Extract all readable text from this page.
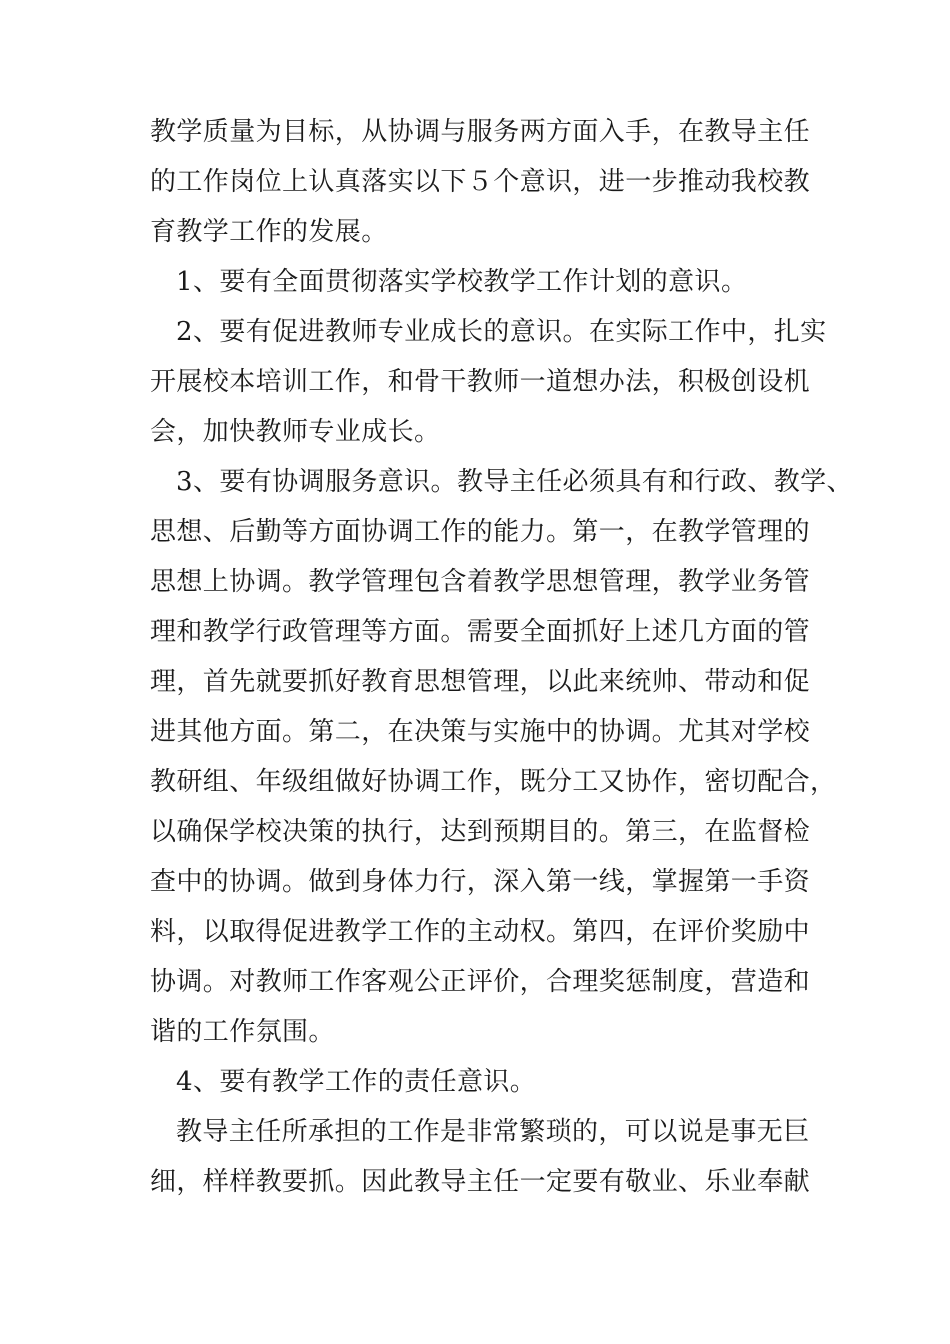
教学质量为目标，从协调与服务两方面入手，在教导主任
的工作岗位上认真落实以下５个意识，进一步推动我校教
育教学工作的发展。
1、要有全面贯彻落实学校教学工作计划的意识。
2、要有促进教师专业成长的意识。在实际工作中，扎实
开展校本培训工作，和骨干教师一道想办法，积极创设机
会，加快教师专业成长。
3、要有协调服务意识。教导主任必须具有和行政、教学、
思想、后勤等方面协调工作的能力。第一，在教学管理的
思想上协调。教学管理包含着教学思想管理，教学业务管
理和教学行政管理等方面。需要全面抓好上述几方面的管
理，首先就要抓好教育思想管理，以此来统帅、带动和促
进其他方面。第二，在决策与实施中的协调。尤其对学校
教研组、年级组做好协调工作，既分工又协作，密切配合，
以确保学校决策的执行，达到预期目的。第三，在监督检
查中的协调。做到身体力行，深入第一线，掌握第一手资
料，以取得促进教学工作的主动权。第四，在评价奖励中
协调。对教师工作客观公正评价，合理奖惩制度，营造和
谐的工作氛围。
4、要有教学工作的责任意识。
教导主任所承担的工作是非常繁琐的，可以说是事无巨
细，样样教要抓。因此教导主任一定要有敬业、乐业奉献
